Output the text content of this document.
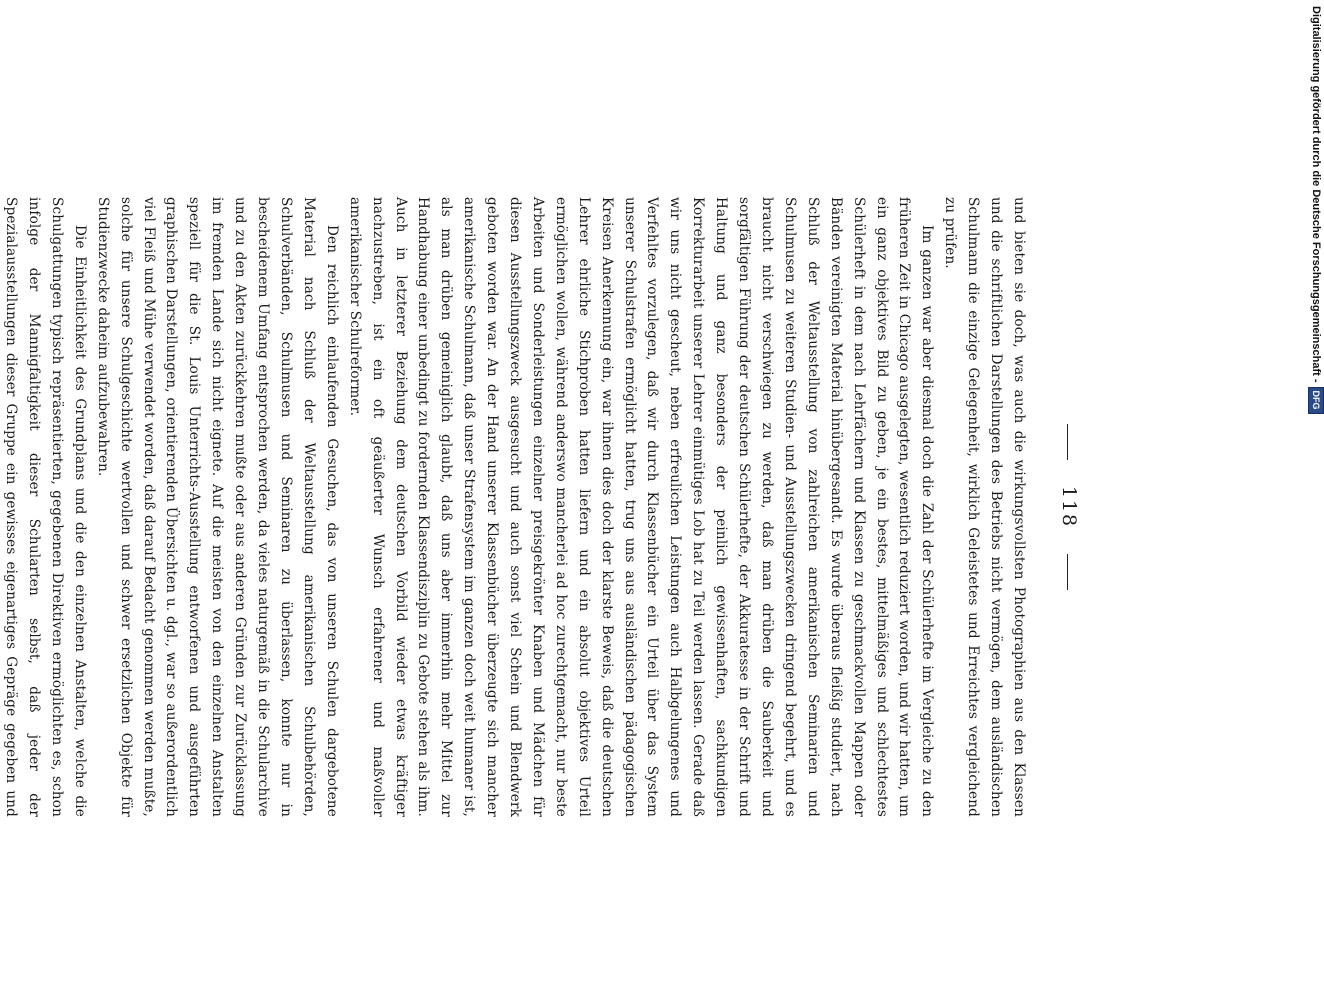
118

und bieten sie doch, was auch die wirkungsvollsten Photographien aus den Klassen und die schriftlichen Darstellungen des Betriebs nicht vermögen, dem ausländischen Schulmann die einzige Gelegenheit, wirklich Geleistetes und Erreichtes vergleichend zu prüfen.

Im ganzen war aber diesmal doch die Zahl der Schülerhefte im Vergleiche zu den früheren Zeit in Chicago ausgelegten, wesentlich reduziert worden, und wir hatten, um ein ganz objektives Bild zu geben, je ein bestes, mittelmäßiges und schlechtestes Schülerheft in dem nach Lehrfächern und Klassen zu geschmackvollen Mappen oder Bänden vereinigten Material hinübergesandt. Es wurde überaus fleißig studiert, nach Schluß der Weltausstellung von zahlreichen amerikanischen Seminarien und Schulmusen zu weiteren Studien- und Ausstellungszwecken dringend begehrt, und es braucht nicht verschwiegen zu werden, daß man drüben die Sauberkeit und sorgfältigen Führung der deutschen Schülerhefte, der Akkuratesse in der Schrift und Haltung und ganz besonders der peinlich gewissenhaften, sachkundigen Korrekturarbeit unserer Lehrer einmütiges Lob hat zu Teil werden lassen. Gerade daß wir uns nicht gescheut, neben erfreulichen Leistungen auch Halbgelungenes und Verfehltes vorzulegen, daß wir durch Klassenbücher ein Urteil über das System unserer Schulstrafen ermöglicht hatten, trug uns aus ausländischen pädagogischen Kreisen Anerkennung ein, war ihnen dies doch der klarste Beweis, daß die deutschen Lehrer ehrliche Stichproben hatten liefern und ein absolut objektives Urteil ermöglichen wollen, während anderswo mancherlei ad hoc zurechtgemacht, nur beste Arbeiten und Sonderleistungen einzelner preisgekrönter Knaben und Mädchen für diesen Ausstellungszweck ausgesucht und auch sonst viel Schein und Blendwerk geboten worden war. An der Hand unserer Klassenbücher überzeugte sich mancher amerikanische Schulmann, daß unser Strafensystem im ganzen doch weit humaner ist, als man drüben gemeiniglich glaubt, daß uns aber immerhin mehr Mittel zur Handhabung einer unbedingt zu fordernden Klassendisziplin zu Gebote stehen als ihm. Auch in letzterer Beziehung dem deutschen Vorbild wieder etwas kräftiger nachzustreben, ist ein oft geäußerter Wunsch erfahrener und maßvoller amerikanischer Schulreformer.

Den reichlich einlaufenden Gesuchen, das von unseren Schulen dargebotene Material nach Schluß der Weltausstellung amerikanischen Schulbehörden, Schulverbänden, Schulmusen und Seminaren zu überlassen, konnte nur in bescheidenem Umfang entsprochen werden, da vieles naturgemäß in die Schularchive und zu den Akten zurückkehren mußte oder aus anderen Gründen zur Zurücklassung im fremden Lande sich nicht eignete. Auf die meisten von den einzelnen Anstalten speziell für die St. Louis Unterrichts-Ausstellung entworfenen und ausgeführten graphischen Darstellungen, orientierenden Übersichten u. dgl., war so außerordentlich viel Fleiß und Mühe verwendet worden, daß darauf Bedacht genommen werden mußte, solche für unsere Schulgeschichte wertvollen und schwer ersetzlichen Objekte für Studienzwecke daheim aufzubewahren.

Die Einheitlichkeit des Grundplans und die den einzelnen Anstalten, welche die Schulgattungen typisch repräsentierten, gegebenen Direktiven ermöglichten es, schon infolge der Mannigfaltigkeit dieser Schularten selbst, daß jeder der Spezialausstellungen dieser Gruppe ein gewisses eigenartiges Gepräge gegeben und

Digitalisierung gefördert durch die Deutsche Forschungsgemeinschaft -DFG
